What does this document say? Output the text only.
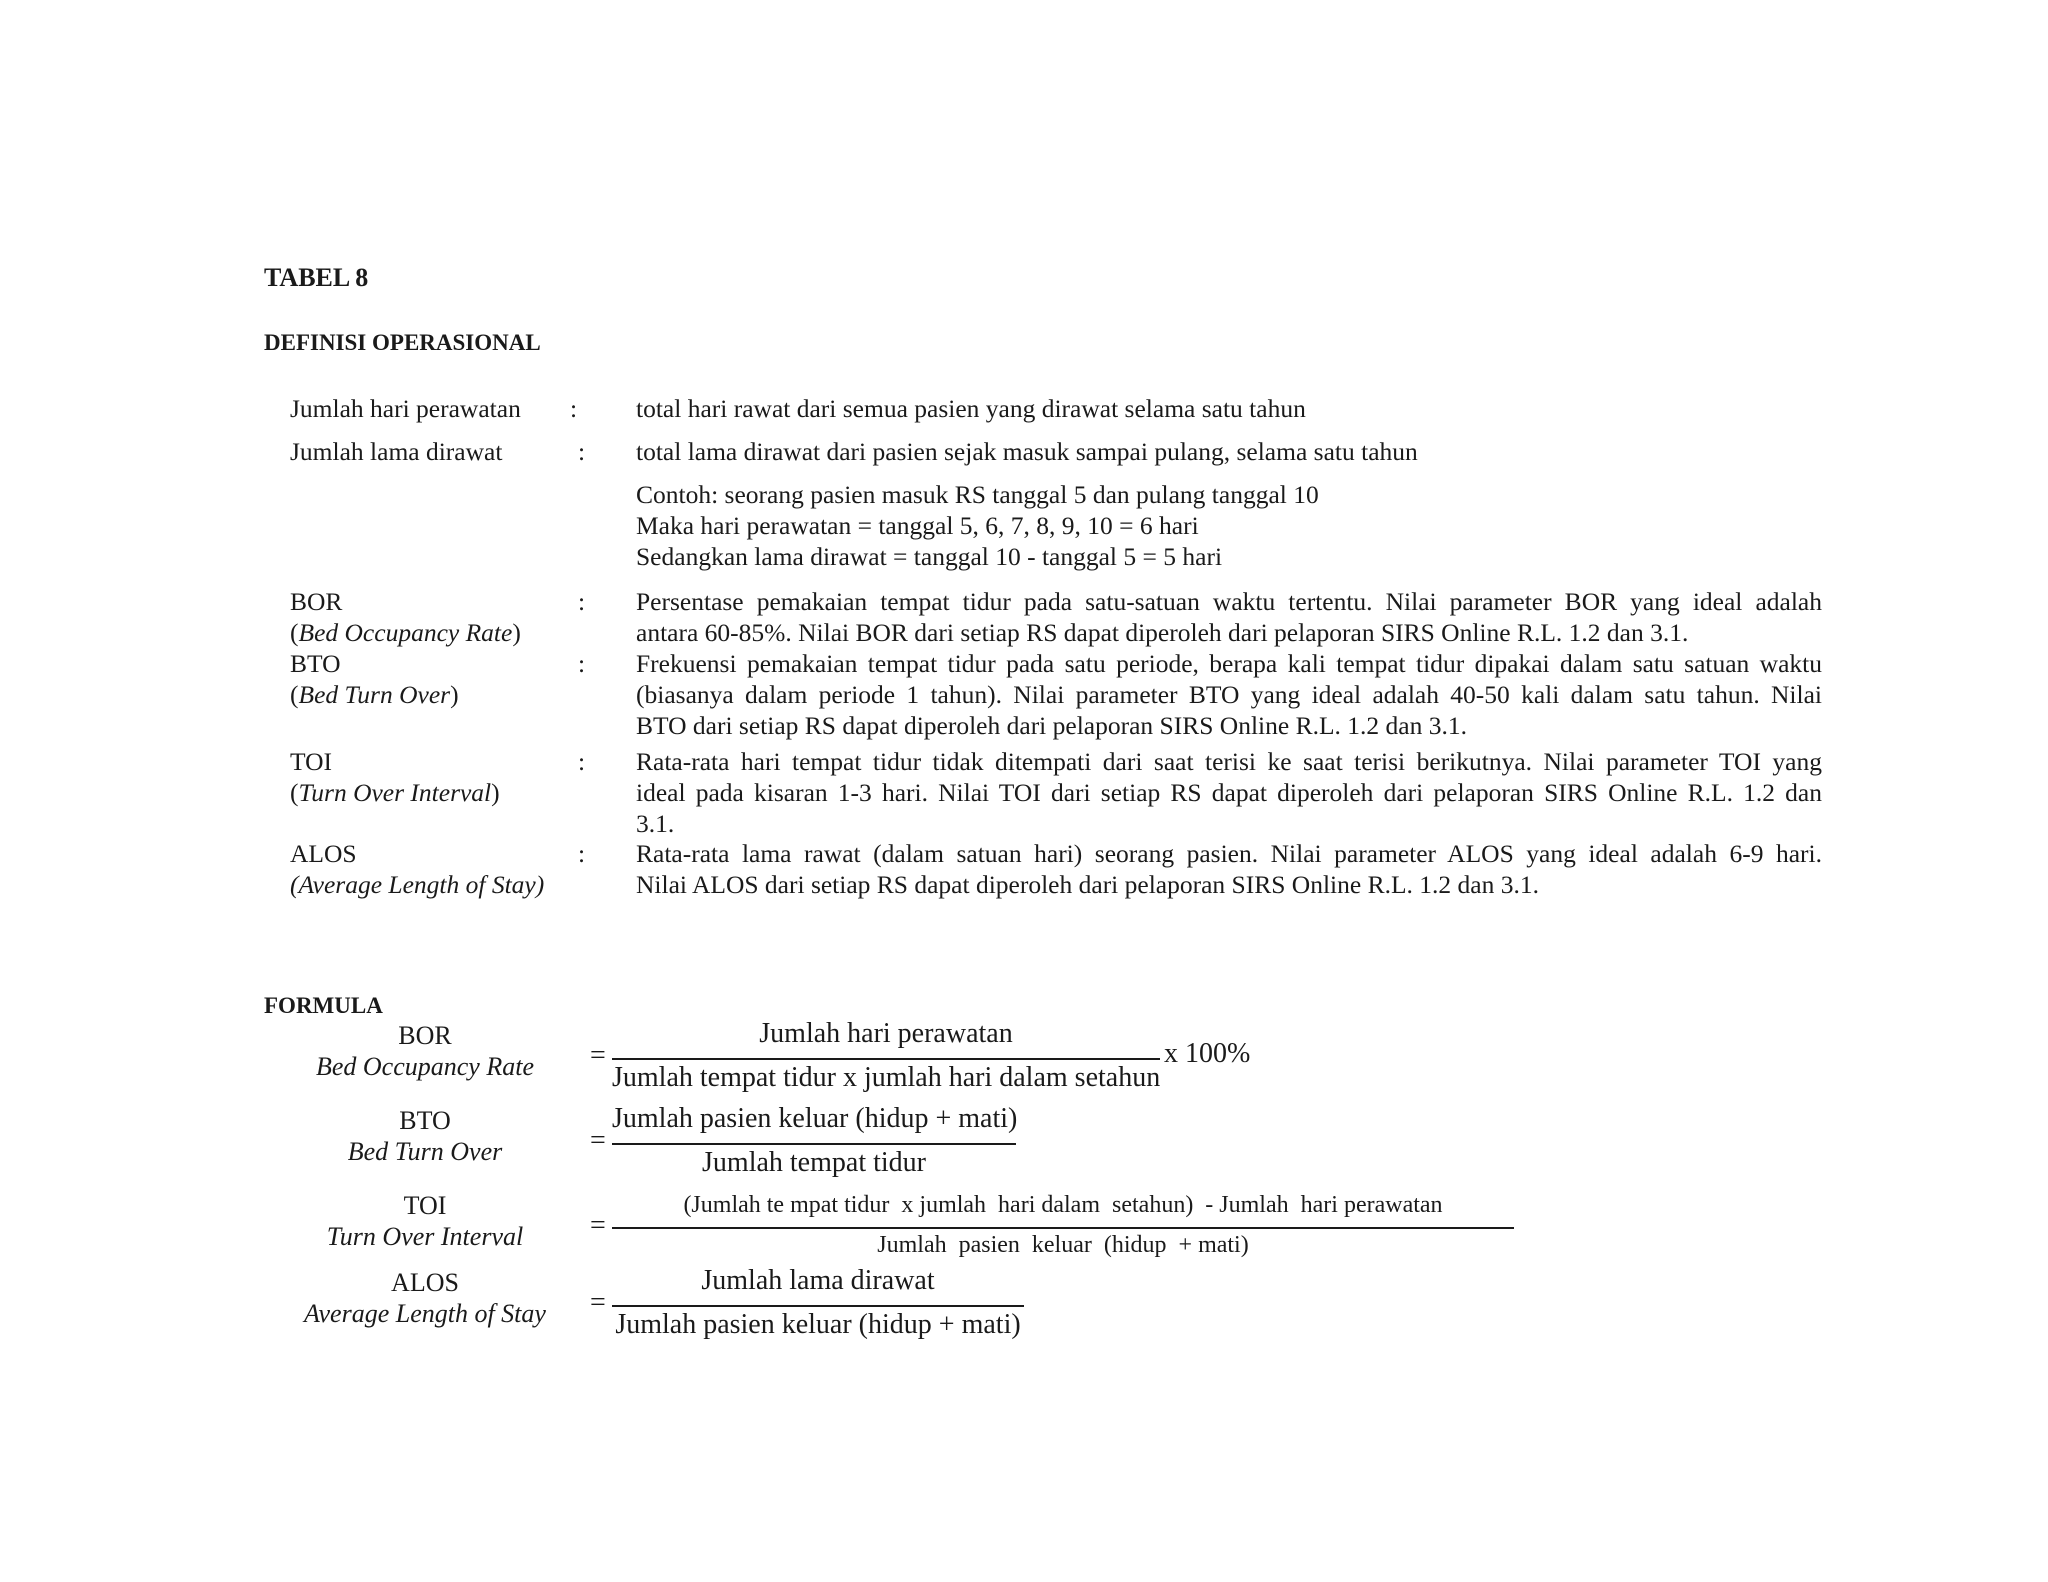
TABEL 8
DEFINISI OPERASIONAL
Jumlah hari perawatan : total hari rawat dari semua pasien yang dirawat selama satu tahun
Jumlah lama dirawat	: total lama dirawat dari pasien sejak masuk sampai pulang, selama satu tahun
Contoh: seorang pasien masuk RS tanggal 5 dan pulang tanggal 10
Maka hari perawatan = tanggal 5, 6, 7, 8, 9, 10 = 6 hari
Sedangkan lama dirawat = tanggal 10 - tanggal 5 = 5 hari
BOR
(Bed Occupancy Rate)
: Persentase pemakaian tempat tidur pada satu-satuan waktu tertentu. Nilai parameter BOR yang ideal adalah
antara 60-85%. Nilai BOR dari setiap RS dapat diperoleh dari pelaporan SIRS Online R.L. 1.2 dan 3.1.
BTO
(Bed Turn Over)
: Frekuensi pemakaian tempat tidur pada satu periode, berapa kali tempat tidur dipakai dalam satu satuan waktu
(biasanya dalam periode 1 tahun). Nilai parameter BTO yang ideal adalah 40-50 kali dalam satu tahun. Nilai
BTO dari setiap RS dapat diperoleh dari pelaporan SIRS Online R.L. 1.2 dan 3.1.
TOI
(Turn Over Interval)
: Rata-rata hari tempat tidur tidak ditempati dari saat terisi ke saat terisi berikutnya. Nilai parameter TOI yang
ideal pada kisaran 1-3 hari. Nilai TOI dari setiap RS dapat diperoleh dari pelaporan SIRS Online R.L. 1.2 dan
3.1.
ALOS
(Average Length of Stay)
: Rata-rata lama rawat (dalam satuan hari) seorang pasien. Nilai parameter ALOS yang ideal adalah 6-9 hari.
Nilai ALOS dari setiap RS dapat diperoleh dari pelaporan SIRS Online R.L. 1.2 dan 3.1.
FORMULA
BOR
Bed Occupancy Rate	=
Jumlah hari perawatan
Jumlah tempat tidur x jumlah hari dalam setahun
x 100%
BTO
Bed Turn Over	=
Jumlah pasien keluar (hidup + mati)
Jumlah tempat tidur
TOI
Turn Over Interval	=
(Jumlah te mpat tidur  x jumlah  hari dalam  setahun)  - Jumlah  hari perawatan
Jumlah  pasien  keluar  (hidup  + mati)
ALOS
Average Length of Stay	=
Jumlah lama dirawat
Jumlah pasien keluar (hidup + mati)
